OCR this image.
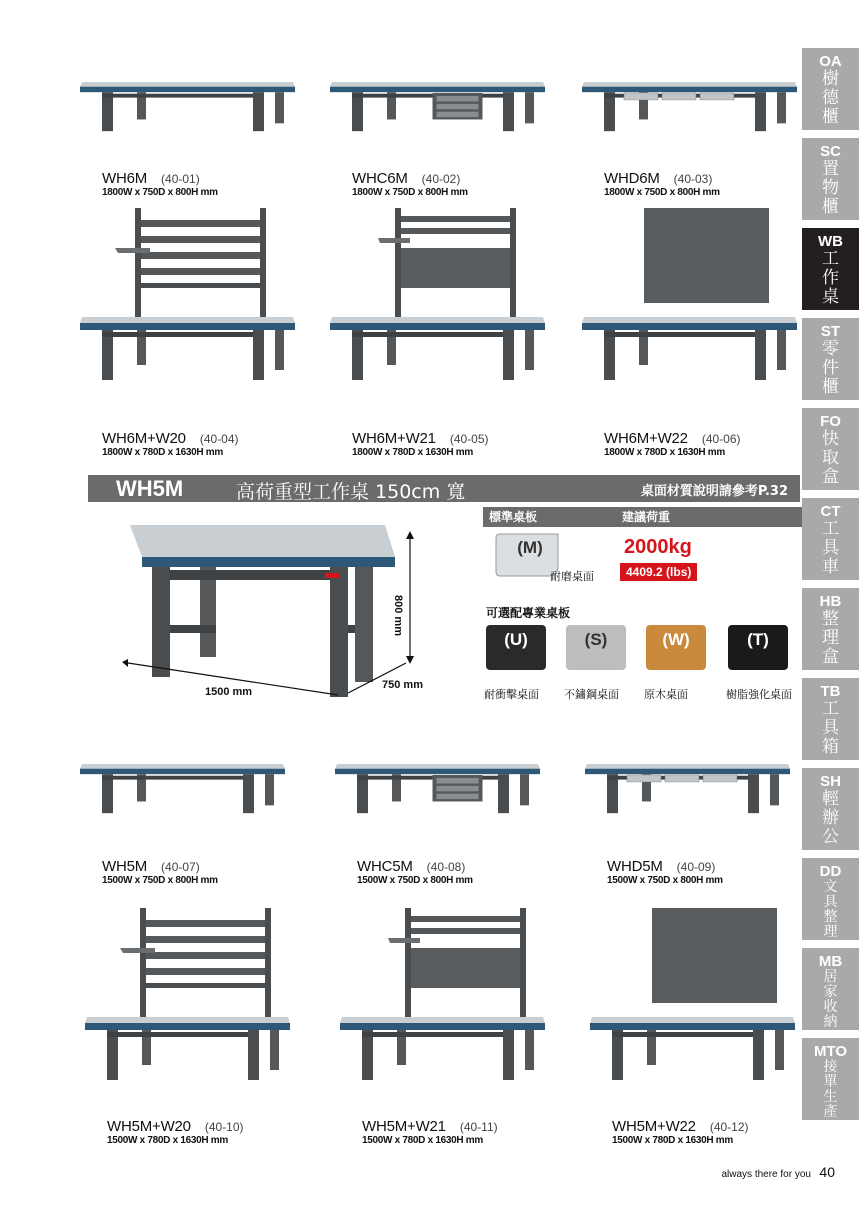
WH6M (40-01)
1800W x 750D x 800H mm
WHC6M (40-02)
1800W x 750D x 800H mm
WHD6M (40-03)
1800W x 750D x 800H mm
WH6M+W20 (40-04)
1800W x 780D x 1630H mm
WH6M+W21 (40-05)
1800W x 780D x 1630H mm
WH6M+W22 (40-06)
1800W x 780D x 1630H mm
WH5M (40-07)
1500W x 750D x 800H mm
WHC5M (40-08)
1500W x 750D x 800H mm
WHD5M (40-09)
1500W x 750D x 800H mm
WH5M+W20 (40-10)
1500W x 780D x 1630H mm
WH5M+W21 (40-11)
1500W x 780D x 1630H mm
WH5M+W22 (40-12)
1500W x 780D x 1630H mm
WH5M	高荷重型工作桌 150cm 寬	桌面材質說明請參考P.32
800 mm
1500 mm
750 mm
標準桌板	建議荷重
(M)
耐磨桌面
2000kg
4409.2 (lbs)
可選配專業桌板
(U)
耐衝擊桌面
(S)
不鏽鋼桌面
(W)
原木桌面
(T)
樹脂強化桌面
OA
樹
德
櫃
SC
置
物
櫃
WB
工
作
桌
ST
零
件
櫃
FO
快
取
盒
CT
工
具
車
HB
整
理
盒
TB
工
具
箱
SH
輕
辦
公
DD
文
具
整
理
MB
居
家
收
納
MTO
接
單
生
產
always there for you 40
